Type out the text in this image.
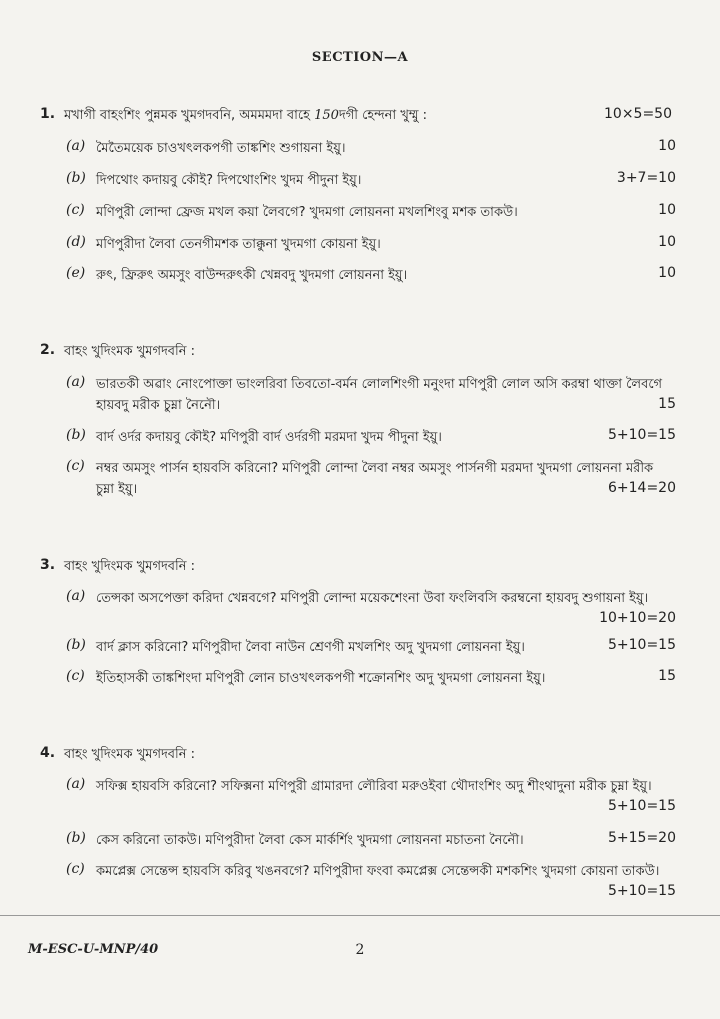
SECTION—A
1. মখাগী বাহংশিং পুন্নমক খুমগদবনি, অমমমদা বাহে 150দগী হেন্দনা খুম্মু :	10×5=50
(a) মৈতৈময়েক চাওখৎলকপগী তাঙ্কশিং শুগায়না ইয়ু।	10
(b) দিপথোং কদায়বু কৌই? দিপথোংশিং খুদম পীদুনা ইয়ু।	3+7=10
(c) মণিপুরী লোন্দা ফ্রেজ মখল কয়া লৈবগে? খুদমগা লোয়ননা মখলশিংবু মশক তাকউ।	10
(d) মণিপুরীদা লৈবা তেনগীমশক তাক্কুনা খুদমগা কোয়না ইয়ু।	10
(e) রুৎ, ফ্রিরুৎ অমসুং বাউন্দরুৎকী খেন্নবদু খুদমগা লোয়ননা ইয়ু।	10
2. বাহং খুদিংমক খুমগদবনি :
(a) ভারতকী অৱাং নোংপোক্তা ভাংলরিবা তিবতো-বর্মন লোলশিংগী মনুংদা মণিপুরী লোল অসি করম্বা থাক্তা লৈবগে হায়বদু মরীক চুম্না নৈনৌ।	15
(b) বার্দ ওর্দর কদায়বু কৌই? মণিপুরী বার্দ ওর্দরগী মরমদা খুদম পীদুনা ইয়ু।	5+10=15
(c) নম্বর অমসুং পার্সন হায়বসি করিনো? মণিপুরী লোন্দা লৈবা নম্বর অমসুং পার্সনগী মরমদা খুদমগা লোয়ননা মরীক চুম্না ইয়ু।	6+14=20
3. বাহং খুদিংমক খুমগদবনি :
(a) তেন্সকা অসপেক্তা করিদা খেন্নবগে? মণিপুরী লোন্দা ময়েকশেংনা উবা ফংলিবসি করম্বনো হায়বদু শুগায়না ইয়ু।
10+10=20
(b) বার্দ ক্লাস করিনো? মণিপুরীদা লৈবা নাউন শ্রেণগী মখলশিং অদু খুদমগা লোয়ননা ইয়ু।	5+10=15
(c) ইতিহাসকী তাঙ্কশিংদা মণিপুরী লোন চাওখৎলকপগী শক্রোনশিং অদু খুদমগা লোয়ননা ইয়ু।	15
4. বাহং খুদিংমক খুমগদবনি :
(a) সফিক্স হায়বসি করিনো? সফিক্সনা মণিপুরী গ্রামারদা লৌরিবা মরুওইবা থৌদাংশিং অদু শীংথাদুনা মরীক চুম্না ইয়ু।
5+10=15
(b) কেস করিনো তাকউ। মণিপুরীদা লৈবা কেস মার্কর্শিং খুদমগা লোয়ননা মচাতনা নৈনৌ।	5+15=20
(c) কমপ্লেক্স সেন্তেন্স হায়বসি করিবু খঙনবগে? মণিপুরীদা ফংবা কমপ্লেক্স সেন্তেন্সকী মশকশিং খুদমগা কোয়না তাকউ।
5+10=15
M-ESC-U-MNP/40	2
